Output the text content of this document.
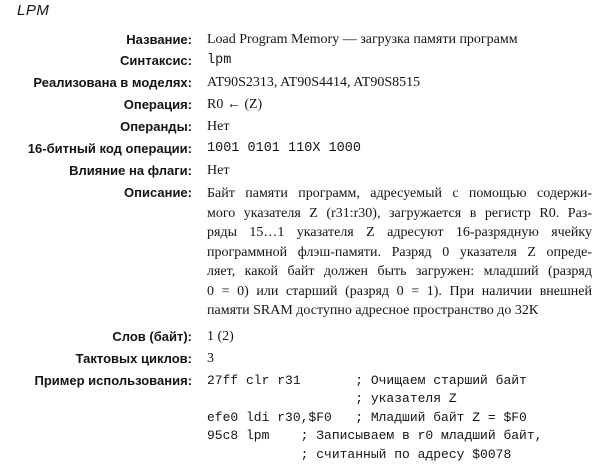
LPM
Название: Load Program Memory — загрузка памяти программ
Синтаксис: lpm
Реализована в моделях: AT90S2313, AT90S4414, AT90S8515
Операция: R0 ← (Z)
Операнды: Нет
16-битный код операции: 1001 0101 110X 1000
Влияние на флаги: Нет
Описание: Байт памяти программ, адресуемый с помощью содержи-
мого указателя Z (r31:r30), загружается в регистр R0. Раз-
ряды 15…1 указателя Z адресуют 16-разрядную ячейку
программной флэш-памяти. Разряд 0 указателя Z опреде-
ляет, какой байт должен быть загружен: младший (разряд
0 = 0) или старший (разряд 0 = 1). При наличии внешней
памяти SRAM доступно адресное пространство до 32К
Слов (байт): 1 (2)
Тактовых циклов: 3
Пример использования: 27ff clr r31       ; Очищаем старший байт
; указателя Z
efe0 ldi r30,$F0   ; Младший байт Z = $F0
95c8 lpm    ; Записываем в r0 младший байт,
; считанный по адресу $0078
